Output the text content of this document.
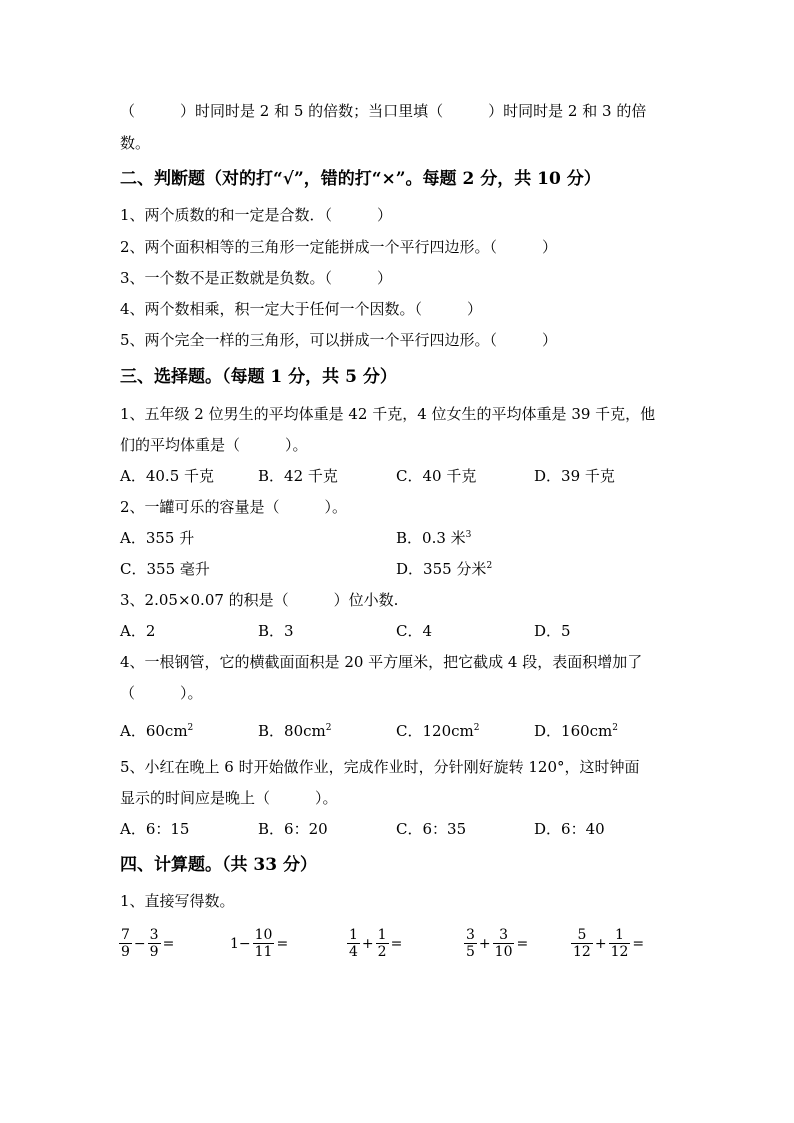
（　　　）时同时是 2 和 5 的倍数；当口里填（　　　）时同时是 2 和 3 的倍
数。
二、判断题（对的打“√”，错的打“×”。每题 2 分，共 10 分）
1、两个质数的和一定是合数．（　　　）
2、两个面积相等的三角形一定能拼成一个平行四边形。（　　　）
3、一个数不是正数就是负数。（　　　）
4、两个数相乘，积一定大于任何一个因数。（　　　）
5、两个完全一样的三角形，可以拼成一个平行四边形。（　　　）
三、选择题。（每题 1 分，共 5 分）
1、五年级 2 位男生的平均体重是 42 千克，4 位女生的平均体重是 39 千克，他
们的平均体重是（　　　）。
A．40.5 千克	B．42 千克	C．40 千克	D．39 千克
2、一罐可乐的容量是（　　　）。
A．355 升	B．0.3 米$^3$
C．355 毫升	D．355 分米$^2$
3、2.05×0.07 的积是（　　　）位小数.
A．2	B．3	C．4	D．5
4、一根钢管，它的横截面面积是 20 平方厘米，把它截成 4 段，表面积增加了
（　　　）。
A．$60cm^2$	B．$80cm^2$	C．$120cm^2$	D．$160cm^2$
5、小红在晚上 6 时开始做作业，完成作业时，分针刚好旋转 120°，这时钟面
显示的时间应是晚上（　　　）。
A．6：15	B．6：20	C．6：35	D．6：40
四、计算题。（共 33 分）
1、直接写得数。
$\frac{7}{9} - \frac{3}{9}$ =	$1- \frac{10}{11}$ =	$\frac{1}{4} + \frac{1}{2}$ =	$\frac{3}{5} + \frac{3}{10}$ =	$\frac{5}{12} + \frac{1}{12}$ =
